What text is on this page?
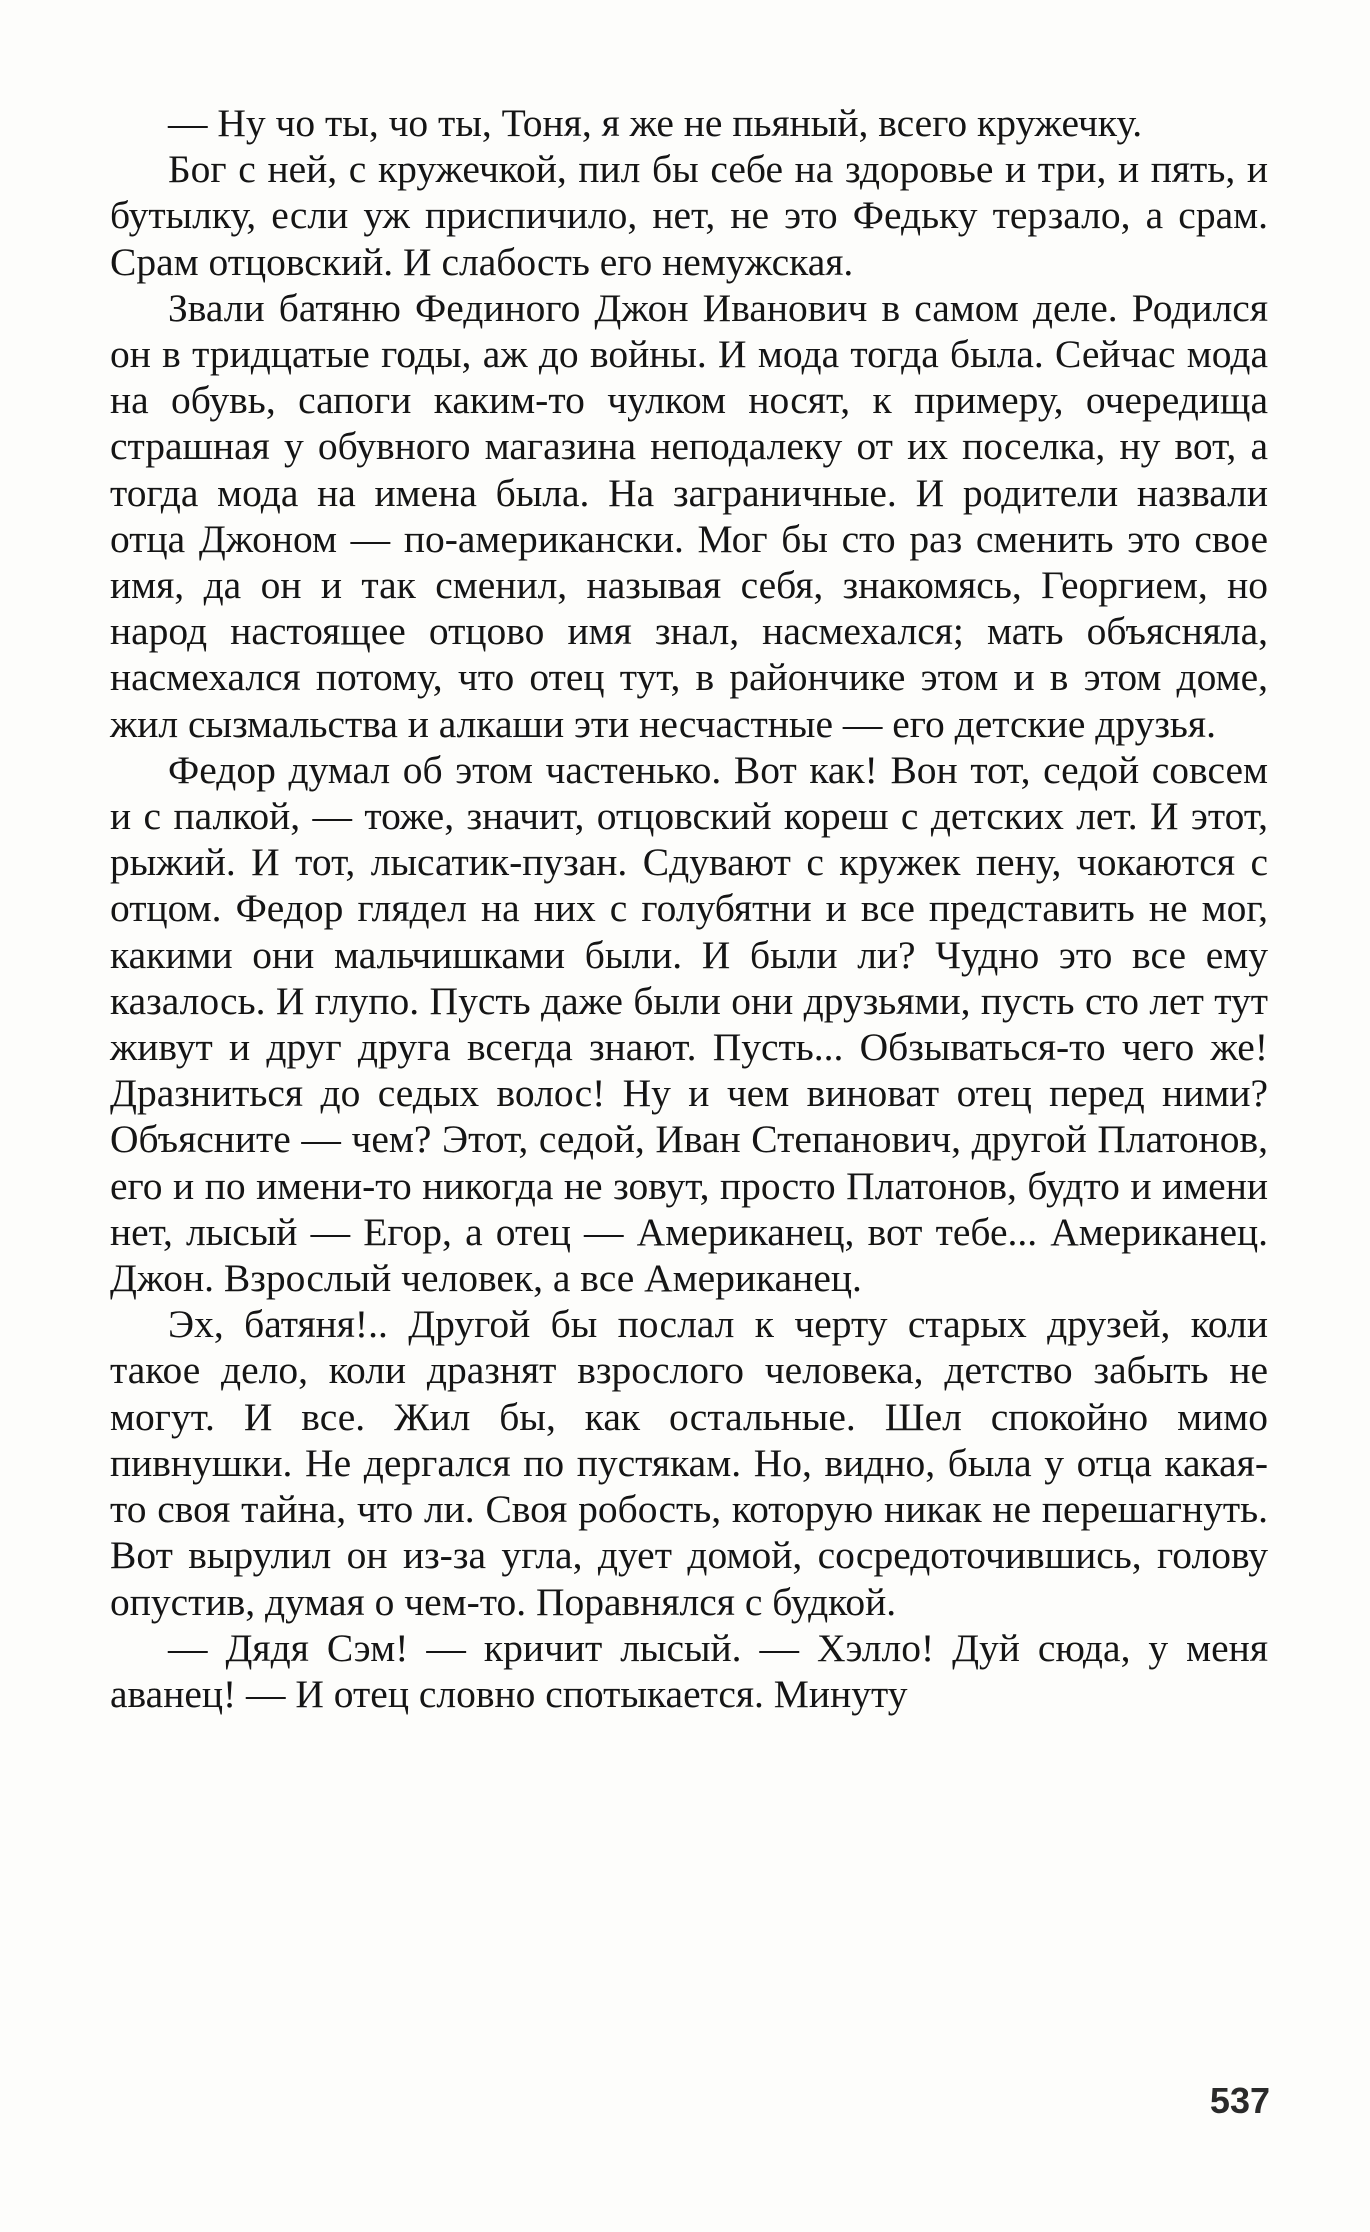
— Ну чо ты, чо ты, Тоня, я же не пьяный, всего кружечку.

Бог с ней, с кружечкой, пил бы себе на здоровье и три, и пять, и бутылку, если уж приспичило, нет, не это Федьку терзало, а срам. Срам отцовский. И слабость его немужская.

Звали батяню Фединого Джон Иванович в самом деле. Родился он в тридцатые годы, аж до войны. И мода тогда была. Сейчас мода на обувь, сапоги каким-то чулком носят, к примеру, очередища страшная у обувного магазина неподалеку от их поселка, ну вот, а тогда мода на имена была. На заграничные. И родители назвали отца Джоном — по-американски. Мог бы сто раз сменить это свое имя, да он и так сменил, называя себя, знакомясь, Георгием, но народ настоящее отцово имя знал, насмехался; мать объясняла, насмехался потому, что отец тут, в райончике этом и в этом доме, жил сызмальства и алкаши эти несчастные — его детские друзья.

Федор думал об этом частенько. Вот как! Вон тот, седой совсем и с палкой, — тоже, значит, отцовский кореш с детских лет. И этот, рыжий. И тот, лысатик-пузан. Сдувают с кружек пену, чокаются с отцом. Федор глядел на них с голубятни и все представить не мог, какими они мальчишками были. И были ли? Чудно это все ему казалось. И глупо. Пусть даже были они друзьями, пусть сто лет тут живут и друг друга всегда знают. Пусть... Обзываться-то чего же! Дразниться до седых волос! Ну и чем виноват отец перед ними? Объясните — чем? Этот, седой, Иван Степанович, другой Платонов, его и по имени-то никогда не зовут, просто Платонов, будто и имени нет, лысый — Егор, а отец — Американец, вот тебе... Американец. Джон. Взрослый человек, а все Американец.

Эх, батяня!.. Другой бы послал к черту старых друзей, коли такое дело, коли дразнят взрослого человека, детство забыть не могут. И все. Жил бы, как остальные. Шел спокойно мимо пивнушки. Не дергался по пустякам. Но, видно, была у отца какая-то своя тайна, что ли. Своя робость, которую никак не перешагнуть. Вот вырулил он из-за угла, дует домой, сосредоточившись, голову опустив, думая о чем-то. Поравнялся с будкой.

— Дядя Сэм! — кричит лысый. — Хэлло! Дуй сюда, у меня аванец! — И отец словно спотыкается. Минуту

537
